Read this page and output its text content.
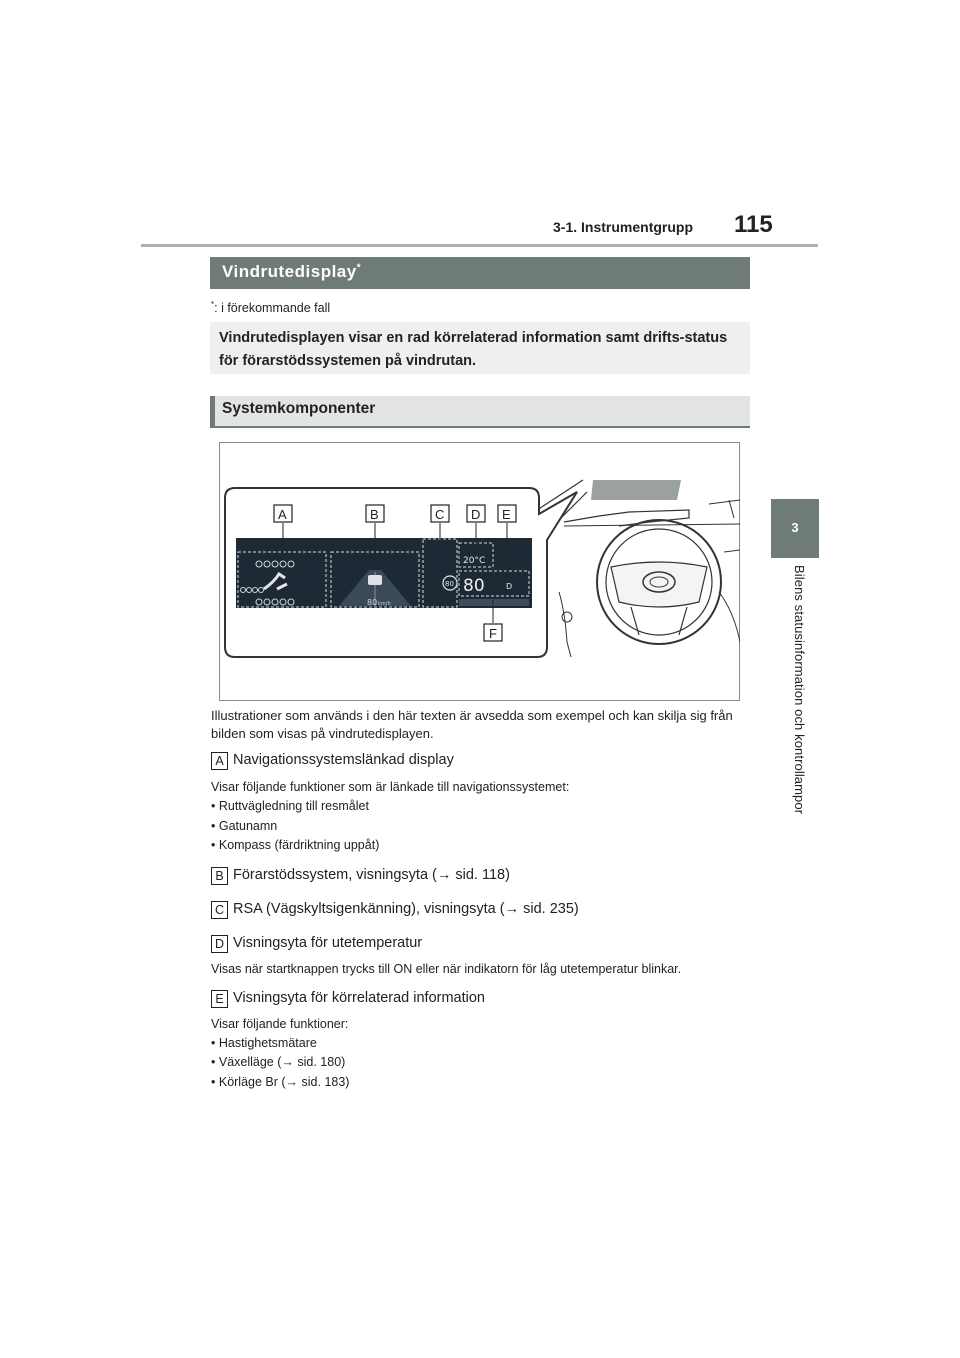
3-1. Instrumentgrupp 115
3
Bilens statusinformation och kontrollampor
Vindrutedisplay*
*: i förekommande fall
Vindrutedisplayen visar en rad körrelaterad information samt drifts-status för förarstödssystemen på vindrutan.
Systemkomponenter
80 km/h
80
20°C
80	D
A	B	C D E
F
Illustrationer som används i den här texten är avsedda som exempel och kan skilja sig från bilden som visas på vindrutedisplayen.
A Navigationssystemslänkad display
Visar följande funktioner som är länkade till navigationssystemet:
• Ruttvägledning till resmålet
• Gatunamn
• Kompass (färdriktning uppåt)
B Förarstödssystem, visningsyta (→ sid. 118)
C RSA (Vägskyltsigenkänning), visningsyta (→ sid. 235)
D Visningsyta för utetemperatur
Visas när startknappen trycks till ON eller när indikatorn för låg utetemperatur blinkar.
E Visningsyta för körrelaterad information
Visar följande funktioner:
• Hastighetsmätare
• Växelläge (→ sid. 180)
• Körläge Br (→ sid. 183)
